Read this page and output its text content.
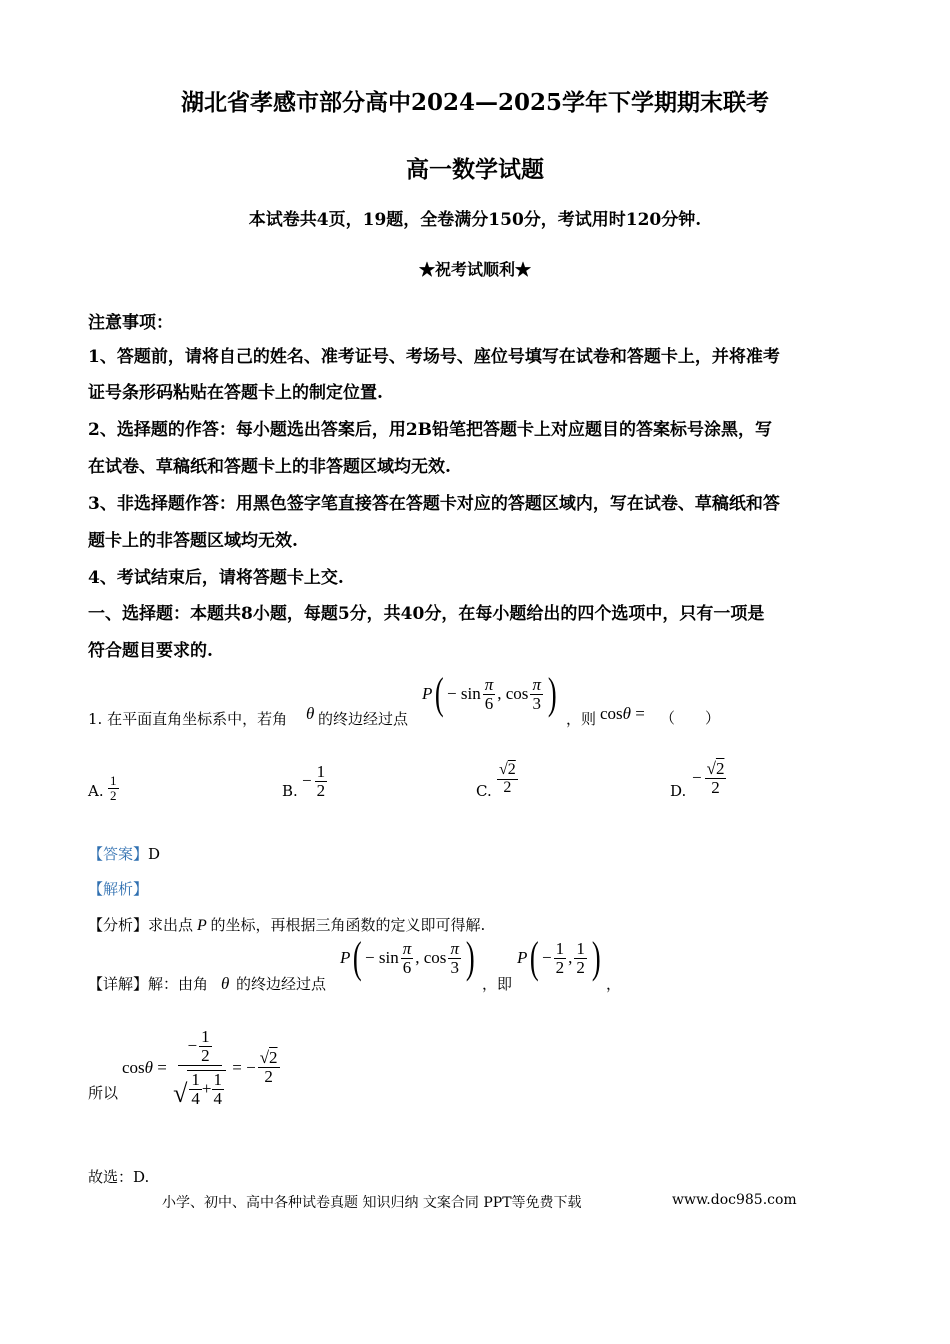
湖北省孝感市部分高中2024—2025学年下学期期末联考
高一数学试题
本试卷共4页，19题，全卷满分150分，考试用时120分钟.
★祝考试顺利★
注意事项：
1、答题前，请将自己的姓名、准考证号、考场号、座位号填写在试卷和答题卡上，并将准考
证号条形码粘贴在答题卡上的制定位置.
2、选择题的作答：每小题选出答案后，用2B铅笔把答题卡上对应题目的答案标号涂黑，写
在试卷、草稿纸和答题卡上的非答题区域均无效.
3、非选择题作答：用黑色签字笔直接答在答题卡对应的答题区域内，写在试卷、草稿纸和答
题卡上的非答题区域均无效.
4、考试结束后，请将答题卡上交.
一、选择题：本题共8小题，每题5分，共40分，在每小题给出的四个选项中，只有一项是
符合题目要求的.
1. 在平面直角坐标系中，若角 θ 的终边经过点
P ( − $\sin \frac{\pi}{6}$ , $\cos \frac{\pi}{3}$ )
，则 cosθ = （　　）
A. $\frac{1}{2}$	B.
− $\frac{1}{2}$	C. $\frac{√2}{2}$	D.
− $\frac{√2}{2}$
【答案】D
【解析】
【分析】求出点 P 的坐标，再根据三角函数的定义即可得解.
【详解】解：由角 θ 的终边经过点
P ( − $\sin \frac{\pi}{6}$ , $\cos \frac{\pi}{3}$ )
，即
P ( − $\frac{1}{2}$ , $\frac{1}{2}$ )
，
所以
$\cos\theta = \frac{- \frac{1}{2}}{√ \frac{1}{4} + \frac{1}{4}}$ = − $\frac{√2}{2}$
故选：D.
小学、初中、高中各种试卷真题 知识归纳 文案合同 PPT等免费下载	www.doc985.com
